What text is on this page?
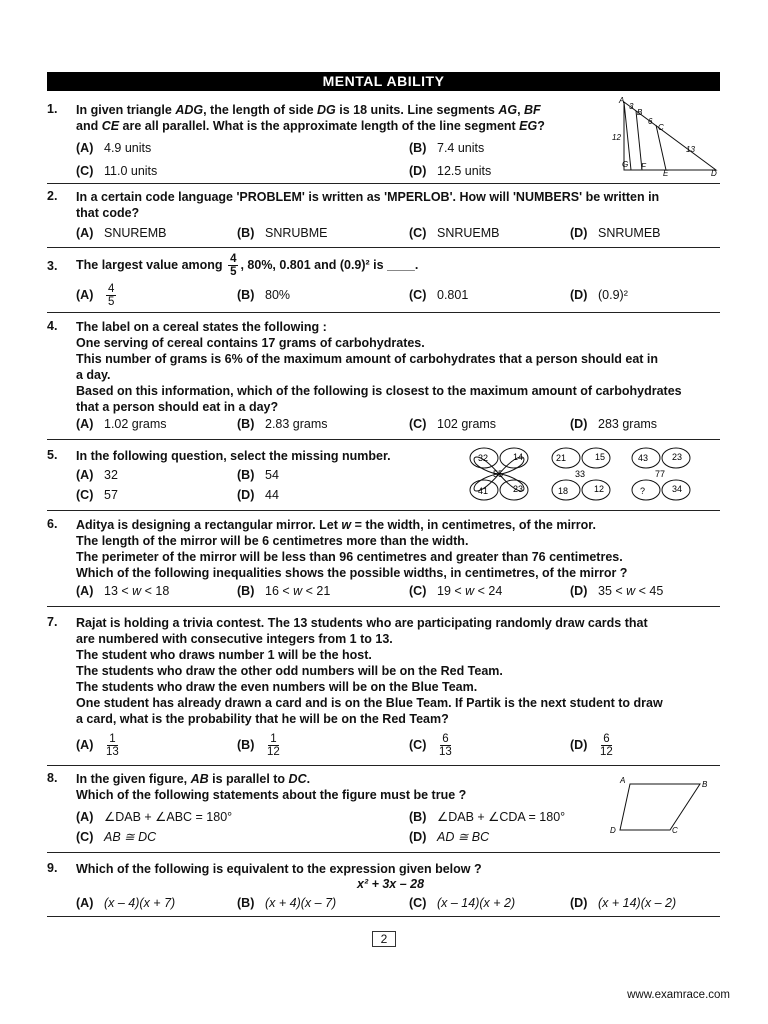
MENTAL ABILITY
1. In given triangle ADG, the length of side DG is 18 units. Line segments AG, BF
and CE are all parallel. What is the approximate length of the line segment EG?
(A) 4.9 units	(B) 7.4 units
(C) 11.0 units	(D) 12.5 units
A
3
B
6
C
12
13
G F
E	D
2. In a certain code language 'PROBLEM' is written as 'MPERLOB'. How will 'NUMBERS' be written in
that code?
(A) SNUREMB	(B) SNRUBME	(C) SNRUEMB	(D) SNRUMEB
3. The largest value among $\frac{4}{5}$ , 80%, 0.801 and (0.9)² is ____.
$(A) \frac{4}{5}$	(B) 80%	(C) 0.801	(D) (0.9)²
4. The label on a cereal states the following :
One serving of cereal contains 17 grams of carbohydrates.
This number of grams is 6% of the maximum amount of carbohydrates that a person should eat in
a day.
Based on this information, which of the following is closest to the maximum amount of carbohydrates
that a person should eat in a day?
(A) 1.02 grams	(B) 2.83 grams	(C) 102 grams	(D) 283 grams
5. In the following question, select the missing number.
(A) 32	(B) 54
(C) 57	(D) 44
32	14
55
41	23
21	15
33
18	12
43	23
77
?	34
6. Aditya is designing a rectangular mirror. Let w = the width, in centimetres, of the mirror.
The length of the mirror will be 6 centimetres more than the width.
The perimeter of the mirror will be less than 96 centimetres and greater than 76 centimetres.
Which of the following inequalities shows the possible widths, in centimetres, of the mirror ?
(A) 13 < w < 18	(B) 16 < w < 21	(C) 19 < w < 24	(D) 35 < w < 45
7. Rajat is holding a trivia contest. The 13 students who are participating randomly draw cards that
are numbered with consecutive integers from 1 to 13.
The student who draws number 1 will be the host.
The students who draw the other odd numbers will be on the Red Team.
The students who draw the even numbers will be on the Blue Team.
One student has already drawn a card and is on the Blue Team. If Partik is the next student to draw
a card, what is the probability that he will be on the Red Team?
$(A) \frac{1}{13}$	$(B) \frac{1}{12}$	$(C) \frac{6}{13}$	$(D) \frac{6}{12}$
8. In the given figure, AB is parallel to DC.
Which of the following statements about the figure must be true ?
(A) ∠DAB + ∠ABC = 180°	(B) ∠DAB + ∠CDA = 180°
(C) AB ≅ DC	(D) AD ≅ BC
A	B
C
D
9. Which of the following is equivalent to the expression given below ?
x² + 3x – 28
(A) (x – 4)(x + 7)	(B) (x + 4)(x – 7)	(C) (x – 14)(x + 2)	(D) (x + 14)(x – 2)
2
www.examrace.com
